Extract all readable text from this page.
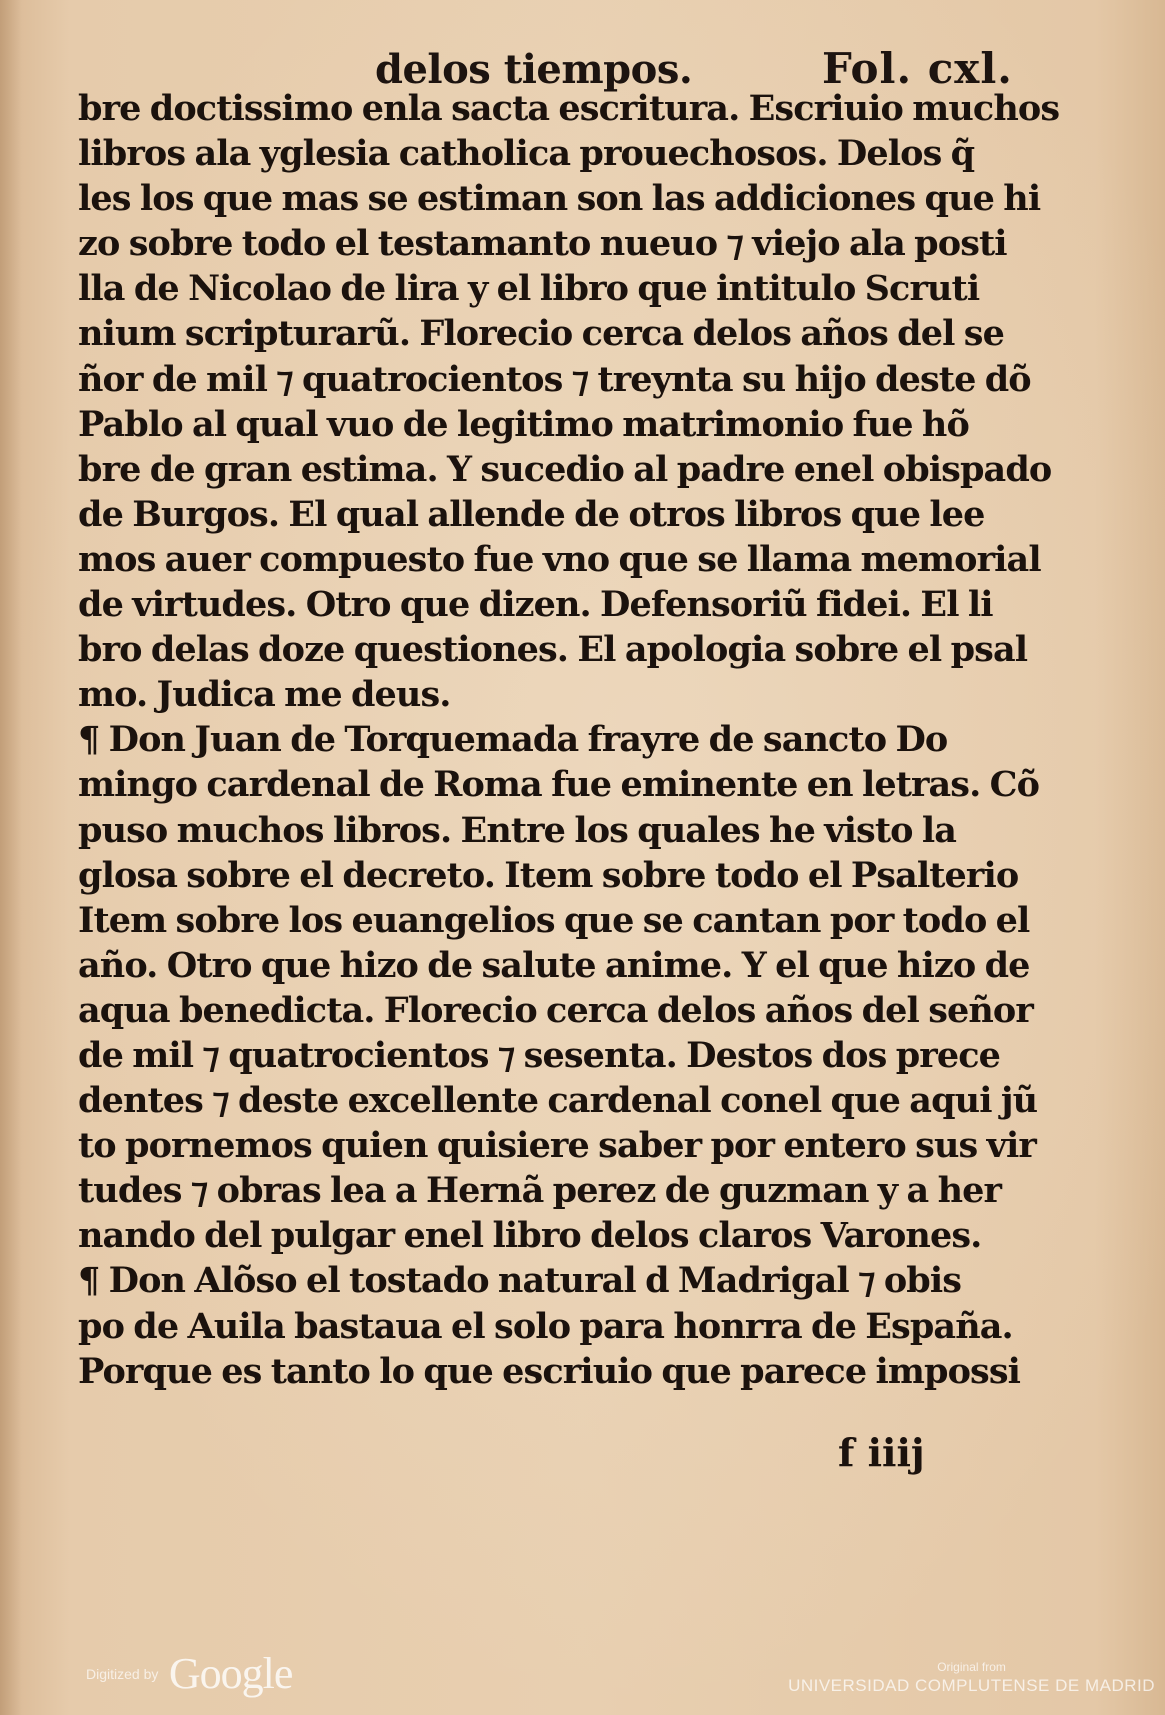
delos tiempos.	Fol. cxl.
bre doctissimo enla sacta escritura. Escriuio muchos
libros ala yglesia catholica prouechosos. Delos q̃
les los que mas se estiman son las addiciones que hi
zo sobre todo el testamanto nueuo ⁊ viejo ala posti
lla de Nicolao de lira y el libro que intitulo Scruti
nium scripturarũ. Florecio cerca delos años del se
ñor de mil ⁊ quatrocientos ⁊ treynta su hijo deste dõ
Pablo al qual vuo de legitimo matrimonio fue hõ
bre de gran estima. Y sucedio al padre enel obispado
de Burgos. El qual allende de otros libros que lee
mos auer compuesto fue vno que se llama memorial
de virtudes. Otro que dizen. Defensoriũ fidei. El li
bro delas doze questiones. El apologia sobre el psal
mo. Judica me deus.
¶ Don Juan de Torquemada frayre de sancto Do
mingo cardenal de Roma fue eminente en letras. Cõ
puso muchos libros. Entre los quales he visto la
glosa sobre el decreto. Item sobre todo el Psalterio
Item sobre los euangelios que se cantan por todo el
año. Otro que hizo de salute anime. Y el que hizo de
aqua benedicta. Florecio cerca delos años del señor
de mil ⁊ quatrocientos ⁊ sesenta. Destos dos prece
dentes ⁊ deste excellente cardenal conel que aqui jũ
to pornemos quien quisiere saber por entero sus vir
tudes ⁊ obras lea a Hernã perez de guzman y a her
nando del pulgar enel libro delos claros Varones.
¶ Don Alõso el tostado natural d Madrigal ⁊ obis
po de Auila bastaua el solo para honrra de España.
Porque es tanto lo que escriuio que parece impossi
f iiij
Digitized by Google	Original from
UNIVERSIDAD COMPLUTENSE DE MADRID
